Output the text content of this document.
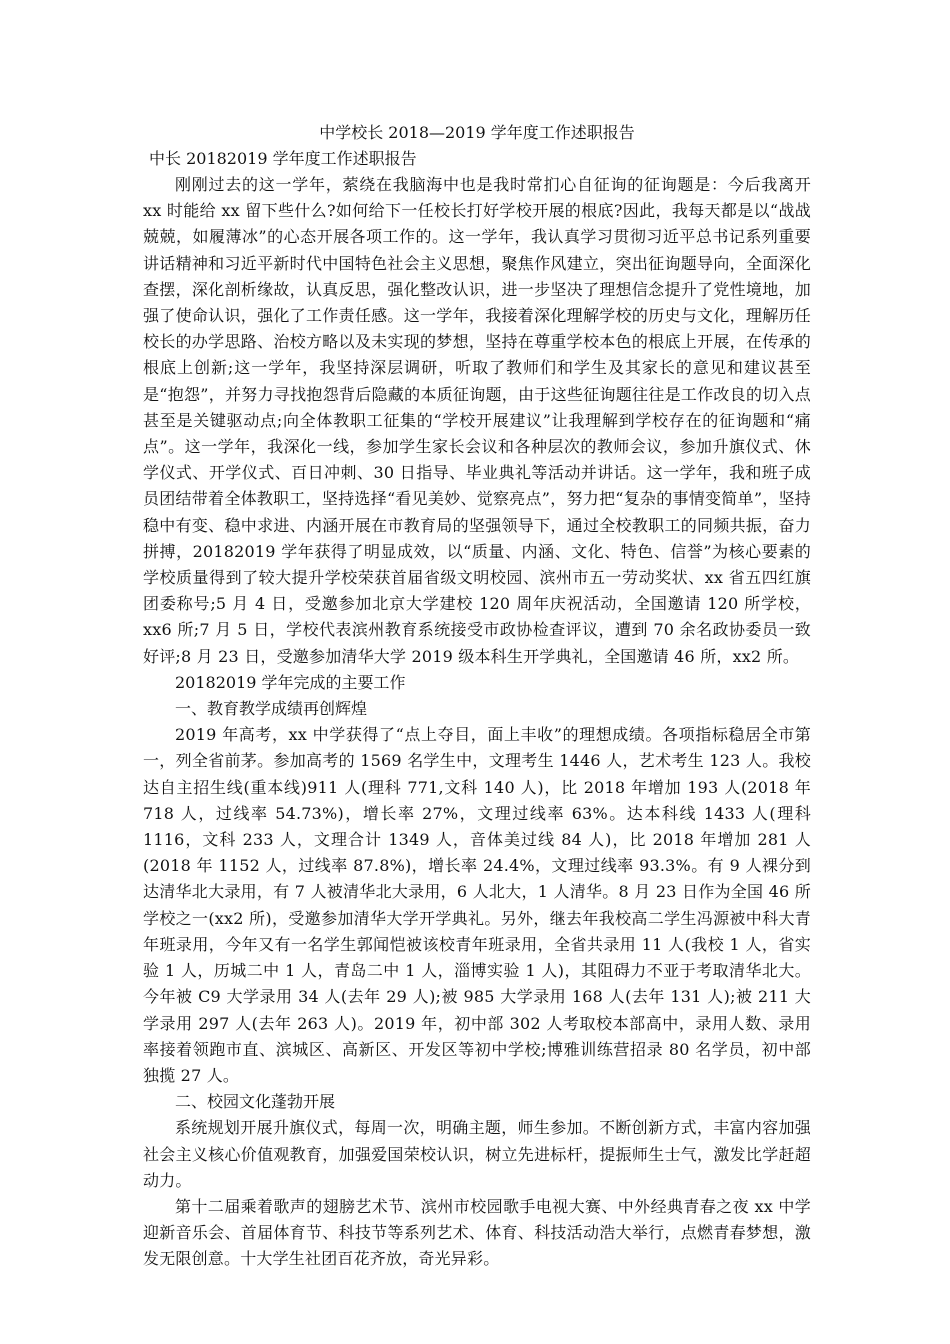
中学校长 2018—2019 学年度工作述职报告
中长 20182019 学年度工作述职报告

刚刚过去的这一学年，萦绕在我脑海中也是我时常扪心自征询的征询题是：今后我离开 xx 时能给 xx 留下些什么?如何给下一任校长打好学校开展的根底?因此，我每天都是以“战战兢兢，如履薄冰”的心态开展各项工作的。这一学年，我认真学习贯彻习近平总书记系列重要讲话精神和习近平新时代中国特色社会主义思想，聚焦作风建立，突出征询题导向，全面深化查摆，深化剖析缘故，认真反思，强化整改认识，进一步坚决了理想信念提升了党性境地，加强了使命认识，强化了工作责任感。这一学年，我接着深化理解学校的历史与文化，理解历任校长的办学思路、治校方略以及未实现的梦想，坚持在尊重学校本色的根底上开展，在传承的根底上创新;这一学年，我坚持深层调研，听取了教师们和学生及其家长的意见和建议甚至是“抱怨”，并努力寻找抱怨背后隐藏的本质征询题，由于这些征询题往往是工作改良的切入点甚至是关键驱动点;向全体教职工征集的“学校开展建议”让我理解到学校存在的征询题和“痛点”。这一学年，我深化一线，参加学生家长会议和各种层次的教师会议，参加升旗仪式、休学仪式、开学仪式、百日冲刺、30 日指导、毕业典礼等活动并讲话。这一学年，我和班子成员团结带着全体教职工，坚持选择“看见美妙、觉察亮点”，努力把“复杂的事情变简单”，坚持稳中有变、稳中求进、内涵开展在市教育局的坚强领导下，通过全校教职工的同频共振，奋力拼搏，20182019 学年获得了明显成效，以“质量、内涵、文化、特色、信誉”为核心要素的学校质量得到了较大提升学校荣获首届省级文明校园、滨州市五一劳动奖状、xx 省五四红旗团委称号;5 月 4 日，受邀参加北京大学建校 120 周年庆祝活动，全国邀请 120 所学校，xx6 所;7 月 5 日，学校代表滨州教育系统接受市政协检查评议，遭到 70 余名政协委员一致好评;8 月 23 日，受邀参加清华大学 2019 级本科生开学典礼，全国邀请 46 所，xx2 所。

20182019 学年完成的主要工作

一、教育教学成绩再创辉煌

2019 年高考，xx 中学获得了“点上夺目，面上丰收”的理想成绩。各项指标稳居全市第一，列全省前茅。参加高考的 1569 名学生中，文理考生 1446 人，艺术考生 123 人。我校达自主招生线(重本线)911 人(理科 771,文科 140 人)，比 2018 年增加 193 人(2018 年 718 人，过线率 54.73%)，增长率 27%，文理过线率 63%。达本科线 1433 人(理科 1116，文科 233 人，文理合计 1349 人，音体美过线 84 人)，比 2018 年增加 281 人(2018 年 1152 人，过线率 87.8%)，增长率 24.4%，文理过线率 93.3%。有 9 人裸分到达清华北大录用，有 7 人被清华北大录用，6 人北大，1 人清华。8 月 23 日作为全国 46 所学校之一(xx2 所)，受邀参加清华大学开学典礼。另外，继去年我校高二学生冯源被中科大青年班录用，今年又有一名学生郭闻恺被该校青年班录用，全省共录用 11 人(我校 1 人，省实验 1 人，历城二中 1 人，青岛二中 1 人，淄博实验 1 人)，其阻碍力不亚于考取清华北大。今年被 C9 大学录用 34 人(去年 29 人);被 985 大学录用 168 人(去年 131 人);被 211 大学录用 297 人(去年 263 人)。2019 年，初中部 302 人考取校本部高中，录用人数、录用率接着领跑市直、滨城区、高新区、开发区等初中学校;博雅训练营招录 80 名学员，初中部独揽 27 人。

二、校园文化蓬勃开展

系统规划开展升旗仪式，每周一次，明确主题，师生参加。不断创新方式，丰富内容加强社会主义核心价值观教育，加强爱国荣校认识，树立先进标杆，提振师生士气，激发比学赶超动力。

第十二届乘着歌声的翅膀艺术节、滨州市校园歌手电视大赛、中外经典青春之夜 xx 中学迎新音乐会、首届体育节、科技节等系列艺术、体育、科技活动浩大举行，点燃青春梦想，激发无限创意。十大学生社团百花齐放，奇光异彩。
